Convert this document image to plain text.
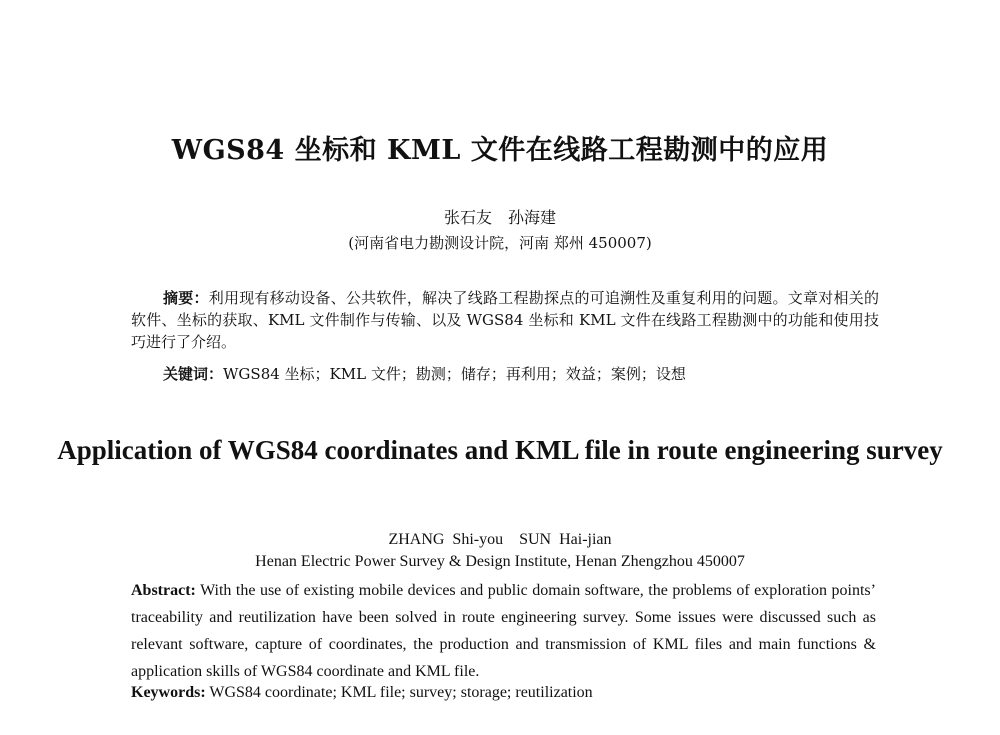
WGS84 坐标和 KML 文件在线路工程勘测中的应用
张石友　孙海建
(河南省电力勘测设计院，河南 郑州 450007)
摘要：利用现有移动设备、公共软件，解决了线路工程勘探点的可追溯性及重复利用的问题。文章对相关的软件、坐标的获取、KML 文件制作与传输、以及 WGS84 坐标和 KML 文件在线路工程勘测中的功能和使用技巧进行了介绍。
关键词：WGS84 坐标；KML 文件；勘测；储存；再利用；效益；案例；设想
Application of WGS84 coordinates and KML file in route engineering survey
ZHANG Shi-you　SUN Hai-jian
Henan Electric Power Survey & Design Institute, Henan Zhengzhou 450007
Abstract: With the use of existing mobile devices and public domain software, the problems of exploration points’ traceability and reutilization have been solved in route engineering survey. Some issues were discussed such as relevant software, capture of coordinates, the production and transmission of KML files and main functions & application skills of WGS84 coordinate and KML file.
Keywords: WGS84 coordinate; KML file; survey; storage; reutilization
